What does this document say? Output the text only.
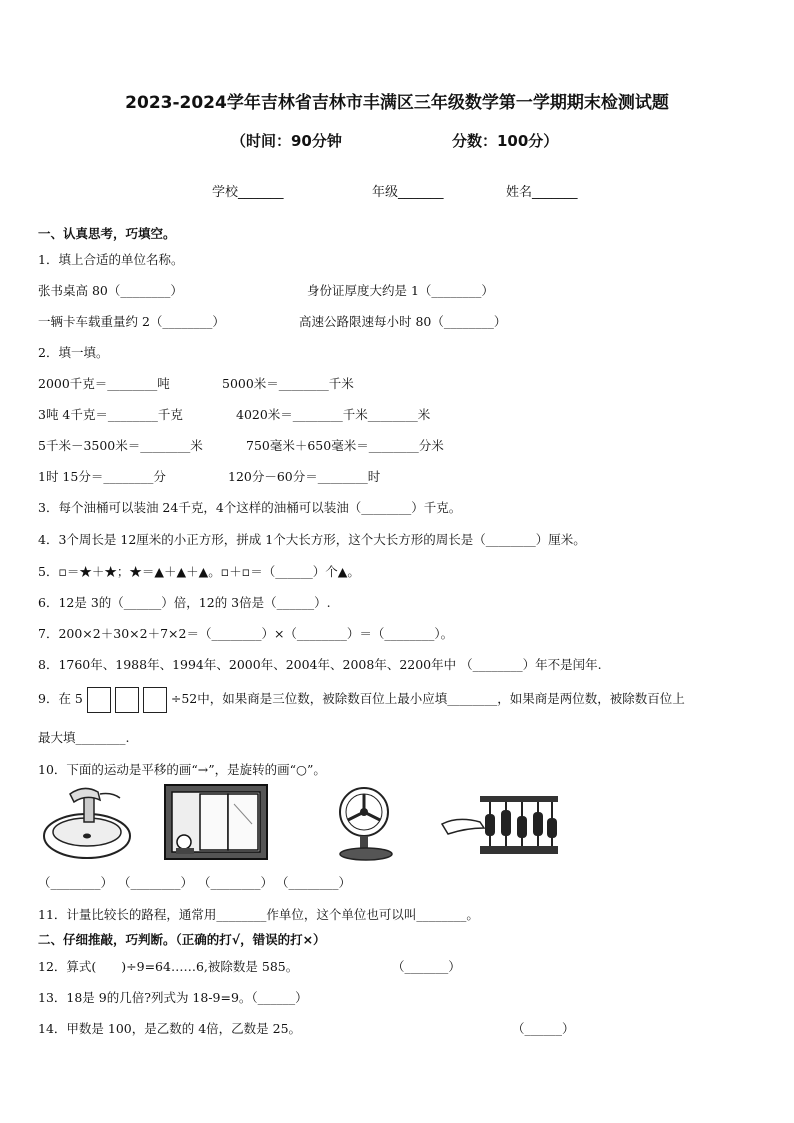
2023-2024学年吉林省吉林市丰满区三年级数学第一学期期末检测试题
（时间：90分钟	分数：100分）
学校_______	年级_______	姓名_______
一、认真思考，巧填空。
1．填上合适的单位名称。
张书桌高 80（________）	身份证厚度大约是 1（________）
一辆卡车载重量约 2（________）	高速公路限速每小时 80（________）
2．填一填。
2000千克＝________吨	5000米＝________千米
3吨 4千克＝________千克	4020米＝________千米________米
5千米－3500米＝________米	750毫米＋650毫米＝________分米
1时 15分＝________分	120分－60分＝________时
3．每个油桶可以装油 24千克，4个这样的油桶可以装油（________）千克。
4．3个周长是 12厘米的小正方形，拼成 1个大长方形，这个大长方形的周长是（________）厘米。
5．▫＝★＋★；★＝▲＋▲＋▲。▫＋▫＝（______）个▲。
6．12是 3的（______）倍，12的 3倍是（______）.
7．200×2＋30×2＋7×2＝（________）×（________）＝（________）。
8．1760年、1988年、1994年、2000年、2004年、2008年、2200年中 （________）年不是闰年.
9．在 5	÷52中，如果商是三位数，被除数百位上最小应填________，如果商是两位数，被除数百位上
最大填________.
10．下面的运动是平移的画“→”，是旋转的画“○”。
（________） （________） （________） （________）
11．计量比较长的路程，通常用________作单位，这个单位也可以叫________。
二、仔细推敲，巧判断。（正确的打√，错误的打×）
12．算式(　　)÷9=64……6,被除数是 585。	（_______）
13．18是 9的几倍?列式为 18-9=9。（______）
14．甲数是 100，是乙数的 4倍，乙数是 25。	（______）
